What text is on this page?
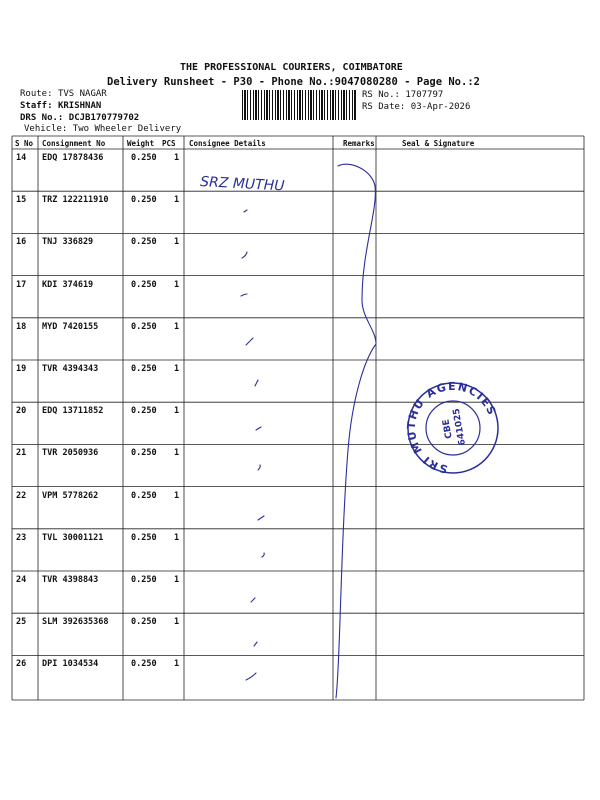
THE PROFESSIONAL COURIERS, COIMBATORE
Delivery Runsheet - P30 - Phone No.:9047080280 - Page No.:2
Route: TVS NAGAR
Staff: KRISHNAN
DRS No.: DCJB170779702
Vehicle: Two Wheeler Delivery
RS No.: 1707797
RS Date: 03-Apr-2026
S No Consignment No	Weight PCS Consignee Details	Remarks	Seal & Signature
14 EDQ 17878436	0.250 1
15 TRZ 122211910	0.250 1
16 TNJ 336829	0.250 1
17 KDI 374619	0.250 1
18 MYD 7420155	0.250 1
19 TVR 4394343	0.250 1
20 EDQ 13711852	0.250 1
21 TVR 2050936	0.250 1
22 VPM 5778262	0.250 1
23 TVL 30001121	0.250 1
24 TVR 4398843	0.250 1
25 SLM 392635368	0.250 1
26 DPI 1034534	0.250 1
SRZ MUTHU
SRI MUTHU AGENCIES
CBE
641025
